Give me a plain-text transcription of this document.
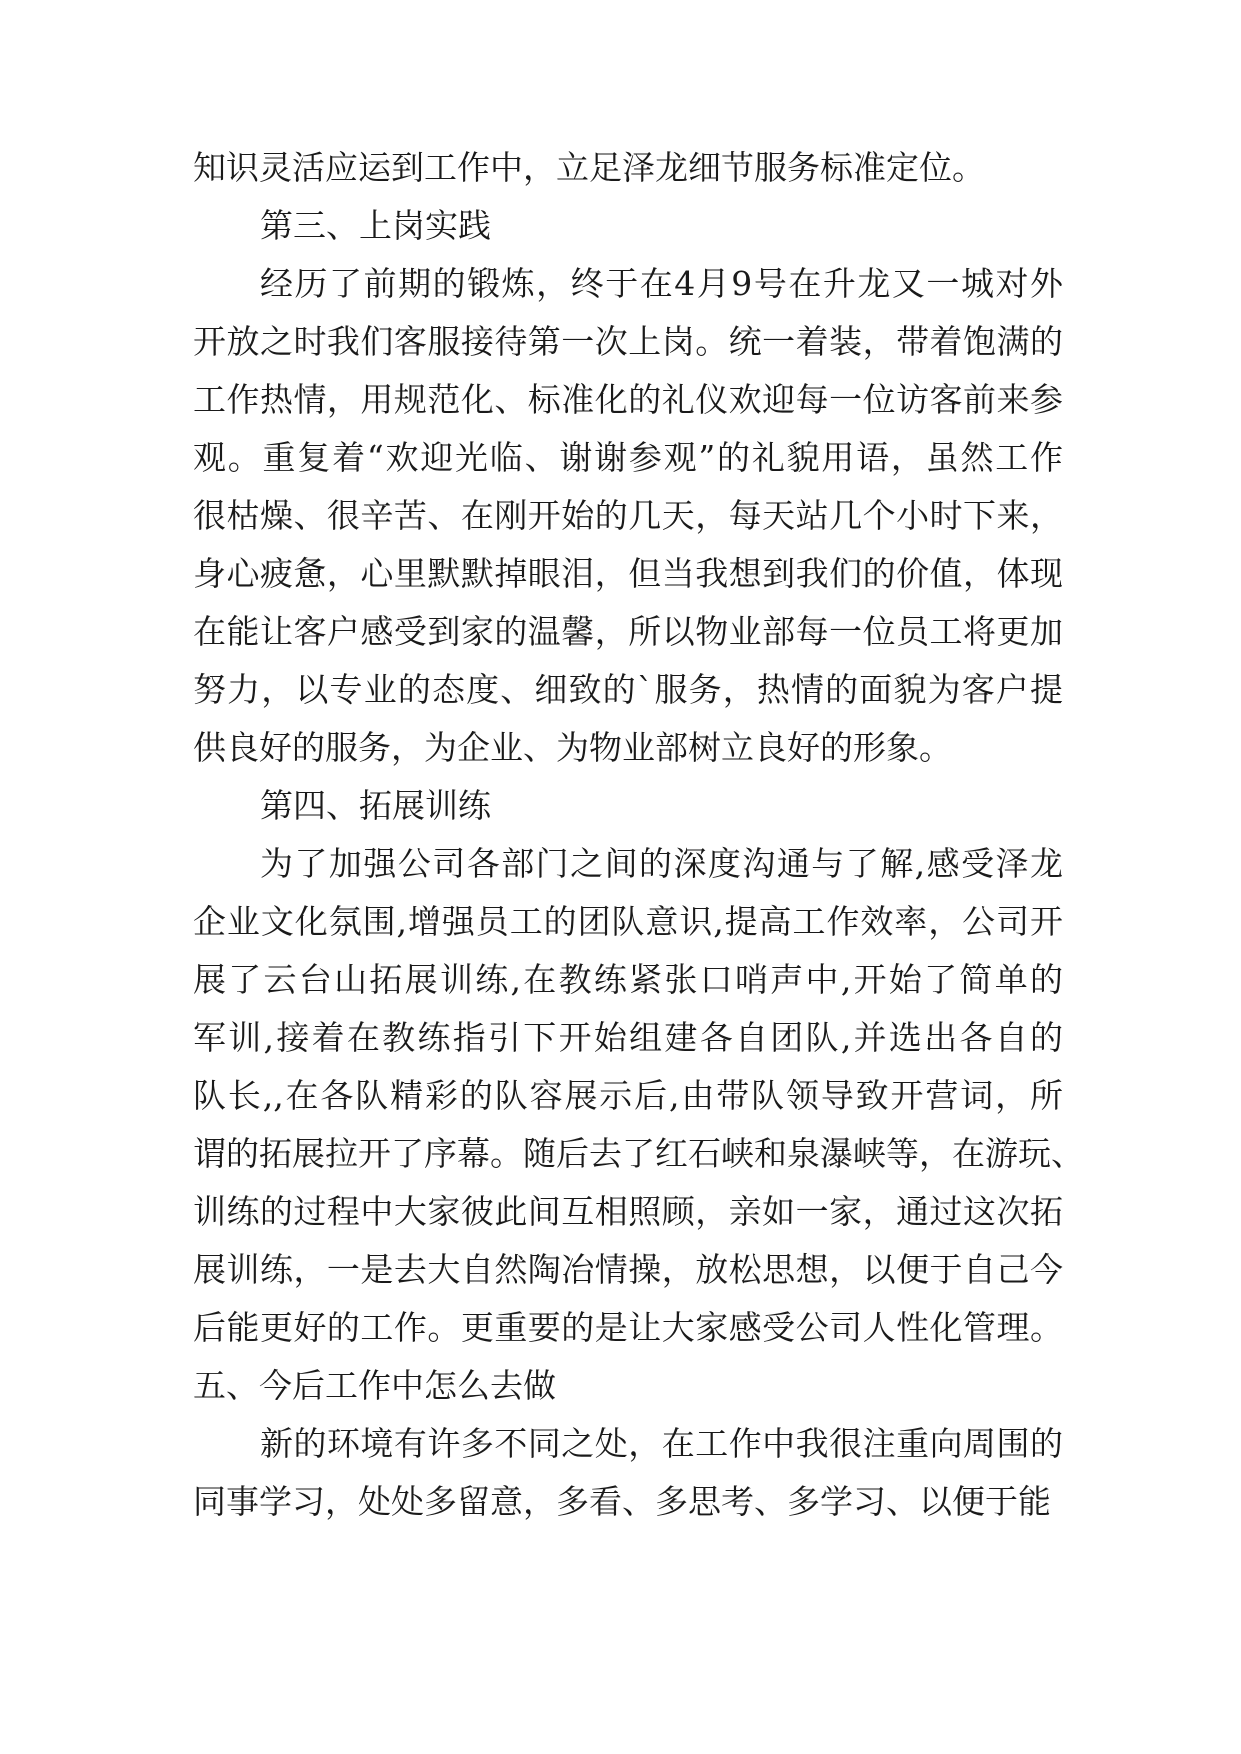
知识灵活应运到工作中，立足泽龙细节服务标准定位。
第三、上岗实践
经历了前期的锻炼，终于在4月9号在升龙又一城对外
开放之时我们客服接待第一次上岗。统一着装，带着饱满的
工作热情，用规范化、标准化的礼仪欢迎每一位访客前来参
观。重复着“欢迎光临、谢谢参观”的礼貌用语，虽然工作
很枯燥、很辛苦、在刚开始的几天，每天站几个小时下来，
身心疲惫，心里默默掉眼泪，但当我想到我们的价值，体现
在能让客户感受到家的温馨，所以物业部每一位员工将更加
努力，以专业的态度、细致的`服务，热情的面貌为客户提
供良好的服务，为企业、为物业部树立良好的形象。
第四、拓展训练
为了加强公司各部门之间的深度沟通与了解,感受泽龙
企业文化氛围,增强员工的团队意识,提高工作效率，公司开
展了云台山拓展训练,在教练紧张口哨声中,开始了简单的
军训,接着在教练指引下开始组建各自团队,并选出各自的
队长,,在各队精彩的队容展示后,由带队领导致开营词，所
谓的拓展拉开了序幕。随后去了红石峡和泉瀑峡等，在游玩、
训练的过程中大家彼此间互相照顾，亲如一家，通过这次拓
展训练，一是去大自然陶冶情操，放松思想，以便于自己今
后能更好的工作。更重要的是让大家感受公司人性化管理。
五、今后工作中怎么去做
新的环境有许多不同之处，在工作中我很注重向周围的
同事学习，处处多留意，多看、多思考、多学习、以便于能
